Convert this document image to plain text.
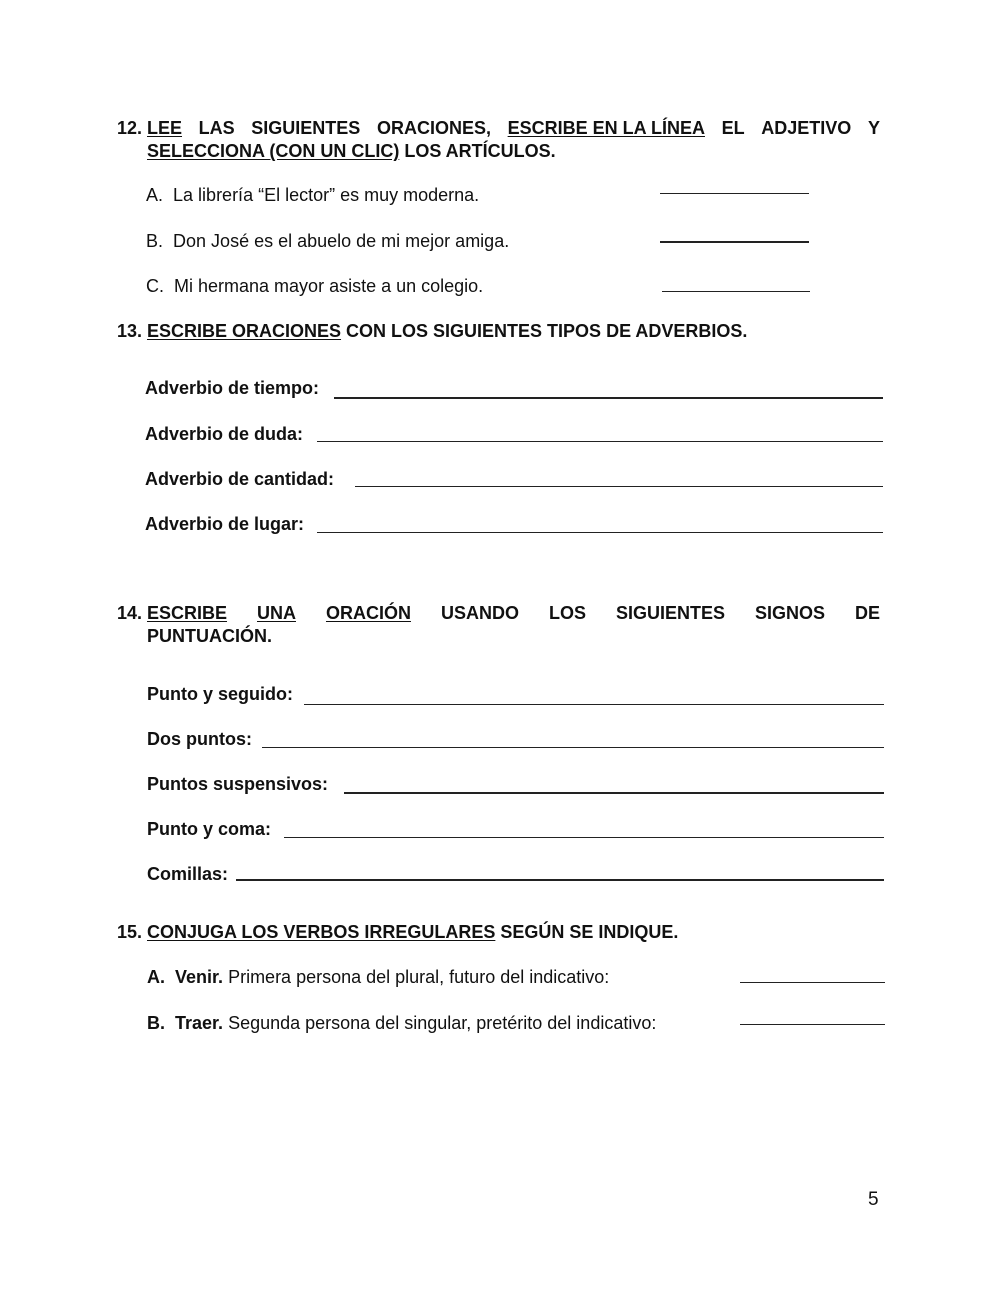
12. LEE LAS SIGUIENTES ORACIONES, ESCRIBE EN LA LÍNEA EL ADJETIVO Y
SELECCIONA (CON UN CLIC) LOS ARTÍCULOS.
A. La librería “El lector” es muy moderna.
B. Don José es el abuelo de mi mejor amiga.
C. Mi hermana mayor asiste a un colegio.
13. ESCRIBE ORACIONES CON LOS SIGUIENTES TIPOS DE ADVERBIOS.
Adverbio de tiempo:
Adverbio de duda:
Adverbio de cantidad:
Adverbio de lugar:
14. ESCRIBE UNA ORACIÓN USANDO LOS SIGUIENTES SIGNOS DE
PUNTUACIÓN.
Punto y seguido:
Dos puntos:
Puntos suspensivos:
Punto y coma:
Comillas:
15. CONJUGA LOS VERBOS IRREGULARES SEGÚN SE INDIQUE.
A. Venir. Primera persona del plural, futuro del indicativo:
B. Traer. Segunda persona del singular, pretérito del indicativo:
5
